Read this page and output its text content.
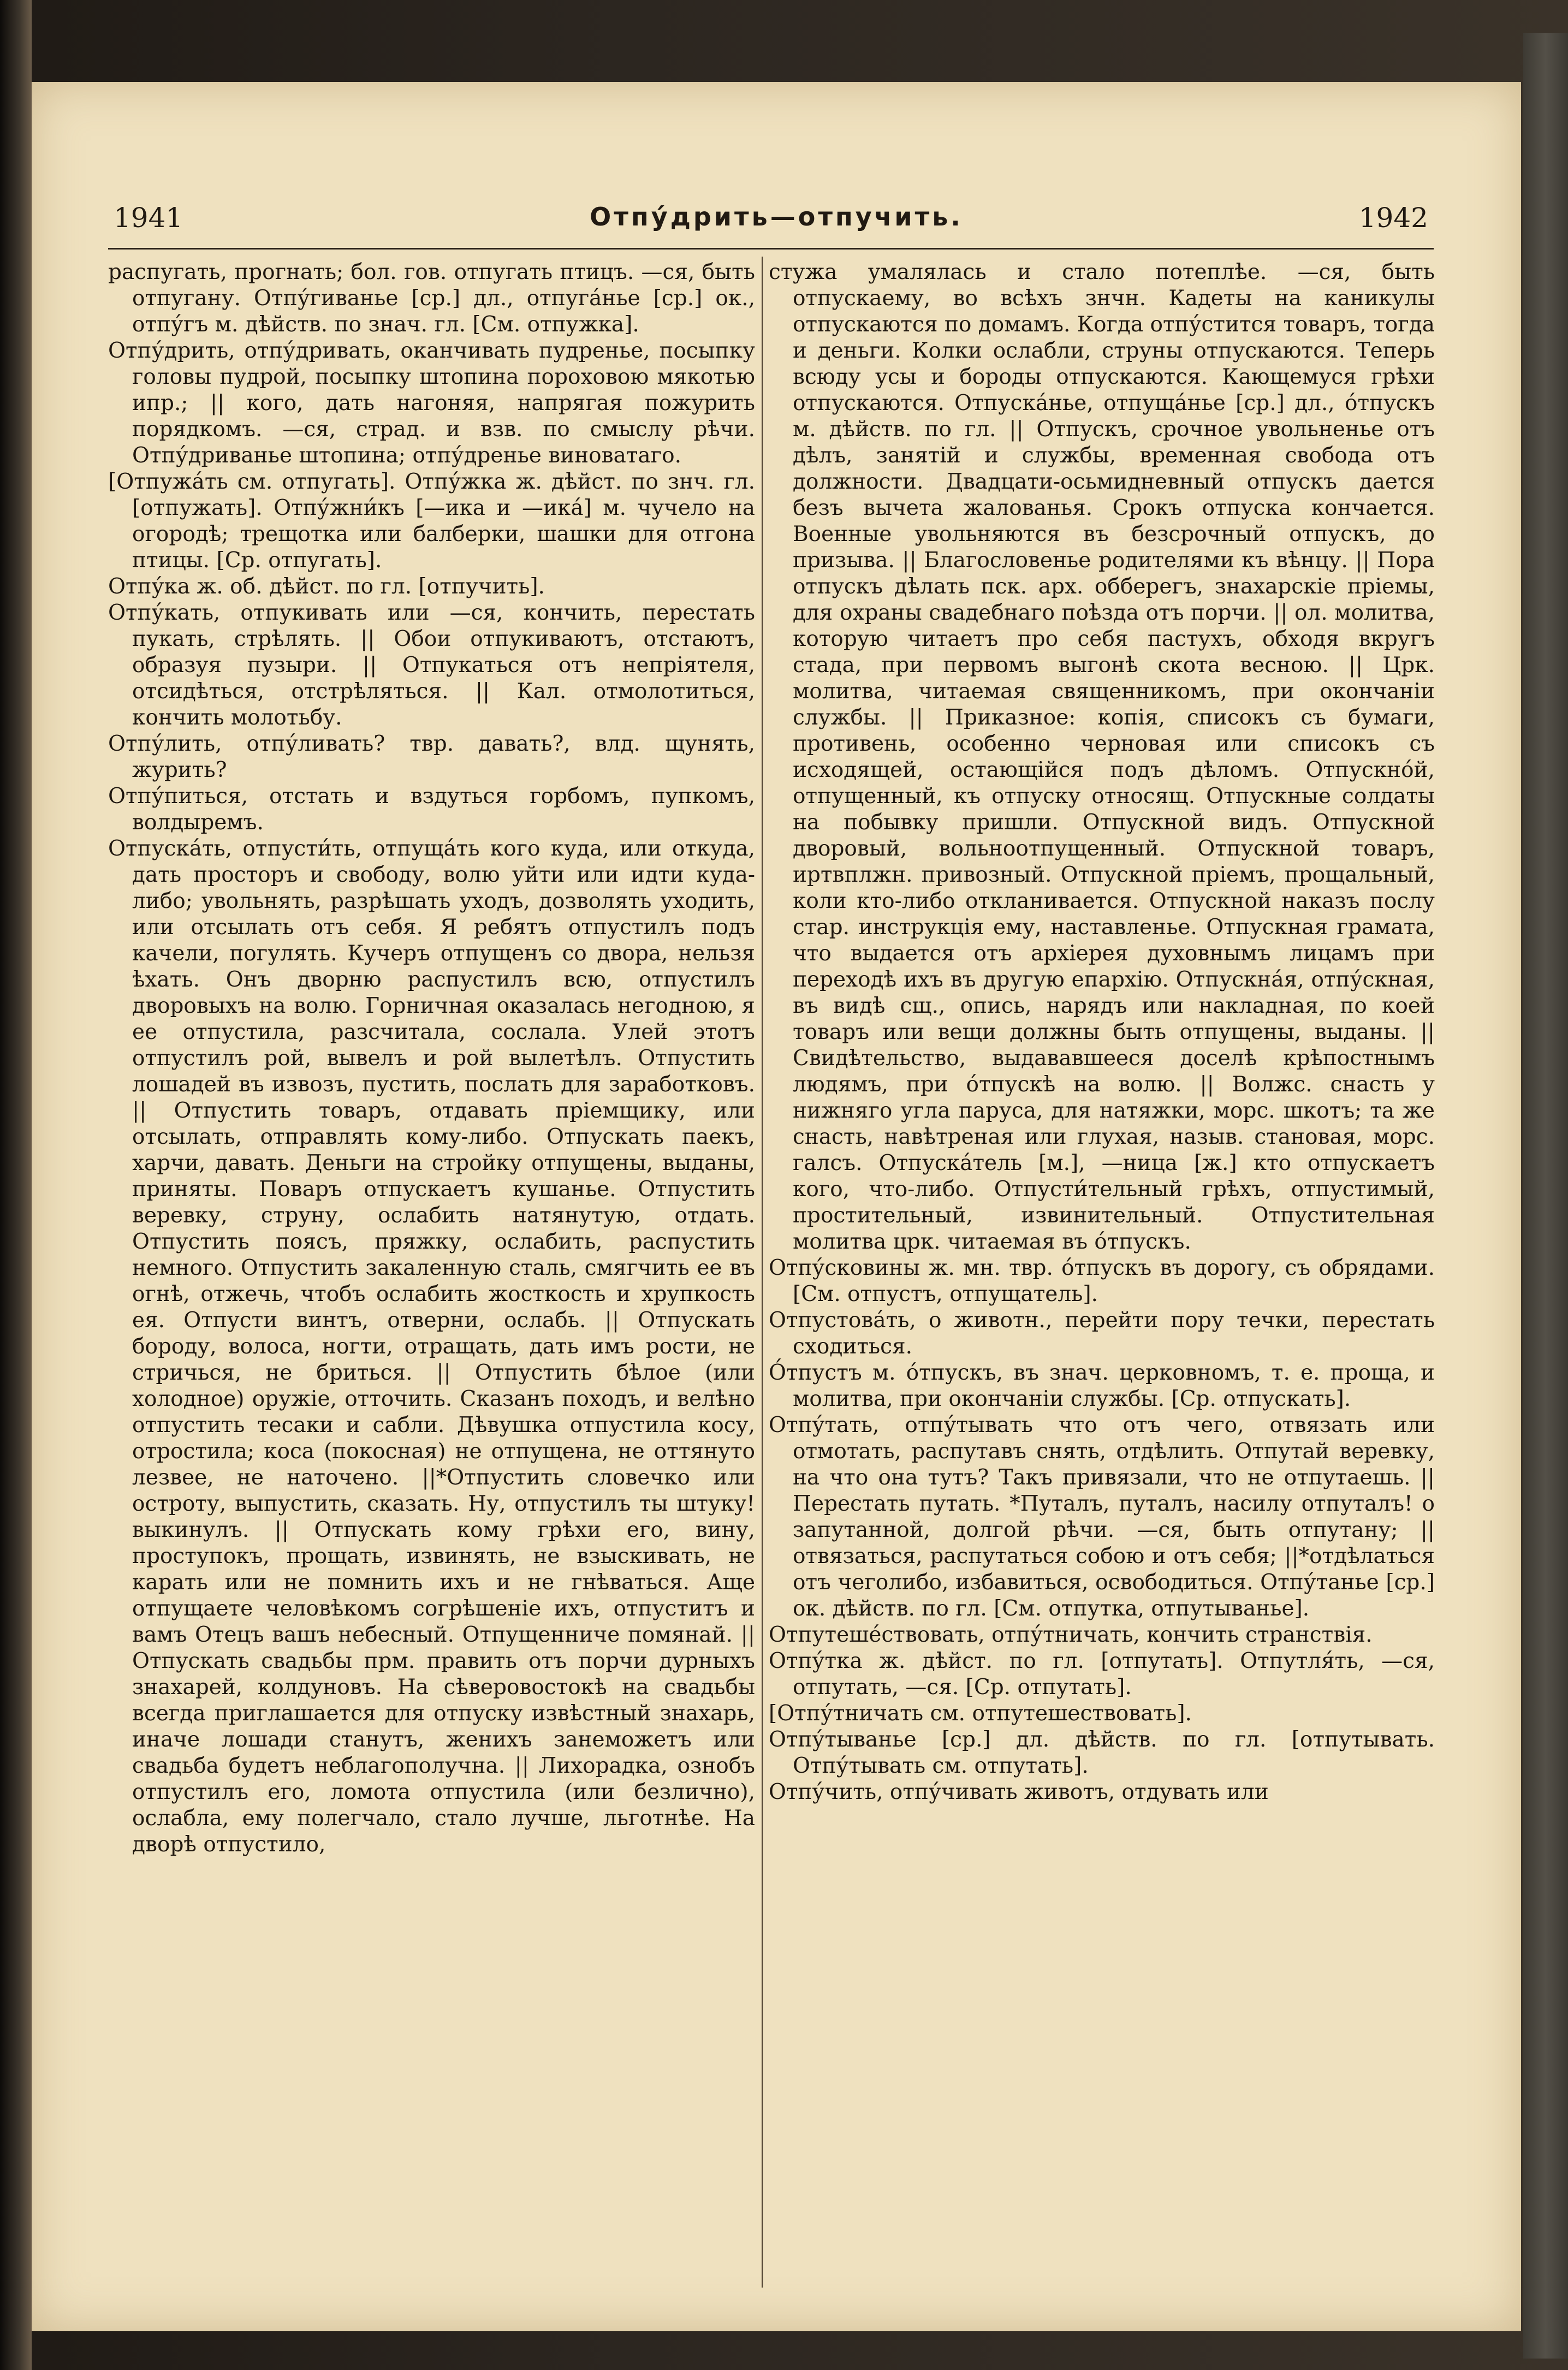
1941	Отпу́дрить—отпучить.	1942

распугать, прогнать; бол. гов. отпугать птицъ. —ся, быть отпугану. Отпу́гиванье [ср.] дл., отпуга́нье [ср.] ок., отпу́гъ м. дѣйств. по знач. гл. [См. отпужка].

Отпу́дрить, отпу́дривать, оканчивать пудренье, посыпку головы пудрой, посыпку штопина пороховою мякотью ипр.; || кого, дать нагоняя, напрягая пожурить порядкомъ. —ся, страд. и взв. по смыслу рѣчи. Отпу́дриванье штопина; отпу́дренье виноватаго.

[Отпужа́ть см. отпугать]. Отпу́жка ж. дѣйст. по знч. гл. [отпужать]. Отпу́жни́къ [—ика и —ика́] м. чучело на огородѣ; трещотка или балберки, шашки для отгона птицы. [Ср. отпугать].

Отпу́ка ж. об. дѣйст. по гл. [отпучить].

Отпу́кать, отпукивать или —ся, кончить, перестать пукать, стрѣлять. || Обои отпукиваютъ, отстаютъ, образуя пузыри. || Отпукаться отъ непріятеля, отсидѣться, отстрѣляться. || Кал. отмолотиться, кончить молотьбу.

Отпу́лить, отпу́ливать? твр. давать?, влд. щунять, журить?

Отпу́питься, отстать и вздуться горбомъ, пупкомъ, волдыремъ.

Отпуска́ть, отпусти́ть, отпуща́ть кого куда, или откуда, дать просторъ и свободу, волю уйти или идти куда-либо; увольнять, разрѣшать уходъ, дозволять уходить, или отсылать отъ себя. Я ребятъ отпустилъ подъ качели, погулять. Кучеръ отпущенъ со двора, нельзя ѣхать. Онъ дворню распустилъ всю, отпустилъ дворовыхъ на волю. Горничная оказалась негодною, я ее отпустила, разсчитала, сослала. Улей этотъ отпустилъ рой, вывелъ и рой вылетѣлъ. Отпустить лошадей въ извозъ, пустить, послать для заработковъ. || Отпустить товаръ, отдавать пріемщику, или отсылать, отправлять кому-либо. Отпускать паекъ, харчи, давать. Деньги на стройку отпущены, выданы, приняты. Поваръ отпускаетъ кушанье. Отпустить веревку, струну, ослабить натянутую, отдать. Отпустить поясъ, пряжку, ослабить, распустить немного. Отпустить закаленную сталь, смягчить ее въ огнѣ, отжечь, чтобъ ослабить жосткость и хрупкость ея. Отпусти винтъ, отверни, ослабь. || Отпускать бороду, волоса, ногти, отращать, дать имъ рости, не стричься, не бриться. || Отпустить бѣлое (или холодное) оружіе, отточить. Сказанъ походъ, и велѣно отпустить тесаки и сабли. Дѣвушка отпустила косу, отростила; коса (покосная) не отпущена, не оттянуто лезвее, не наточено. ||*Отпустить словечко или остроту, выпустить, сказать. Ну, отпустилъ ты штуку! выкинулъ. || Отпускать кому грѣхи его, вину, проступокъ, прощать, извинять, не взыскивать, не карать или не помнить ихъ и не гнѣваться. Аще отпущаете человѣкомъ согрѣшеніе ихъ, отпуститъ и вамъ Отецъ вашъ небесный. Отпущенниче помянай. || Отпускать свадьбы прм. править отъ порчи дурныхъ знахарей, колдуновъ. На сѣверовостокѣ на свадьбы всегда приглашается для отпуску извѣстный знахарь, иначе лошади станутъ, женихъ занеможетъ или свадьба будетъ неблагополучна. || Лихорадка, ознобъ отпустилъ его, ломота отпустила (или безлично), ослабла, ему полегчало, стало лучше, льготнѣе. На дворѣ отпустило,

стужа умалялась и стало потеплѣе. —ся, быть отпускаему, во всѣхъ знчн. Кадеты на каникулы отпускаются по домамъ. Когда отпу́стится товаръ, тогда и деньги. Колки ослабли, струны отпускаются. Теперь всюду усы и бороды отпускаются. Кающемуся грѣхи отпускаются. Отпуска́нье, отпуща́нье [ср.] дл., о́тпускъ м. дѣйств. по гл. || Отпускъ, срочное увольненье отъ дѣлъ, занятій и службы, временная свобода отъ должности. Двадцати-осьмидневный отпускъ дается безъ вычета жалованья. Срокъ отпуска кончается. Военные увольняются въ безсрочный отпускъ, до призыва. || Благословенье родителями къ вѣнцу. || Пора отпускъ дѣлать пск. арх. обберегъ, знахарскіе пріемы, для охраны свадебнаго поѣзда отъ порчи. || ол. молитва, которую читаетъ про себя пастухъ, обходя вкругъ стада, при первомъ выгонѣ скота весною. || Црк. молитва, читаемая священникомъ, при окончаніи службы. || Приказное: копія, списокъ съ бумаги, противень, особенно черновая или списокъ съ исходящей, остающійся подъ дѣломъ. Отпускно́й, отпущенный, къ отпуску относящ. Отпускные солдаты на побывку пришли. Отпускной видъ. Отпускной дворовый, вольноотпущенный. Отпускной товаръ, иртвплжн. привозный. Отпускной пріемъ, прощальный, коли кто-либо откланивается. Отпускной наказъ послу стар. инструкція ему, наставленье. Отпускная грамата, что выдается отъ архіерея духовнымъ лицамъ при переходѣ ихъ въ другую епархію. Отпускна́я, отпу́скная, въ видѣ сщ., опись, нарядъ или накладная, по коей товаръ или вещи должны быть отпущены, выданы. || Свидѣтельство, выдававшееся доселѣ крѣпостнымъ людямъ, при о́тпускѣ на волю. || Волжс. снасть у нижняго угла паруса, для натяжки, морс. шкотъ; та же снасть, навѣтреная или глухая, назыв. становая, морс. галсъ. Отпуска́тель [м.], —ница [ж.] кто отпускаетъ кого, что-либо. Отпусти́тельный грѣхъ, отпустимый, простительный, извинительный. Отпустительная молитва црк. читаемая въ о́тпускъ.

Отпу́сковины ж. мн. твр. о́тпускъ въ дорогу, съ обрядами. [См. отпустъ, отпущатель].

Отпустова́ть, о животн., перейти пору течки, перестать сходиться.

О́тпустъ м. о́тпускъ, въ знач. церковномъ, т. е. проща, и молитва, при окончаніи службы. [Ср. отпускать].

Отпу́тать, отпу́тывать что отъ чего, отвязать или отмотать, распутавъ снять, отдѣлить. Отпутай веревку, на что она тутъ? Такъ привязали, что не отпутаешь. || Перестать путать. *Путалъ, путалъ, насилу отпуталъ! о запутанной, долгой рѣчи. —ся, быть отпутану; || отвязаться, распутаться собою и отъ себя; ||*отдѣлаться отъ чеголибо, избавиться, освободиться. Отпу́танье [ср.] ок. дѣйств. по гл. [См. отпутка, отпутыванье].

Отпутеше́ствовать, отпу́тничать, кончить странствія.

Отпу́тка ж. дѣйст. по гл. [отпутать]. Отпутля́ть, —ся, отпутать, —ся. [Ср. отпутать].

[Отпу́тничать см. отпутешествовать].

Отпу́тыванье [ср.] дл. дѣйств. по гл. [отпутывать. Отпу́тывать см. отпутать].

Отпу́чить, отпу́чивать животъ, отдувать или
